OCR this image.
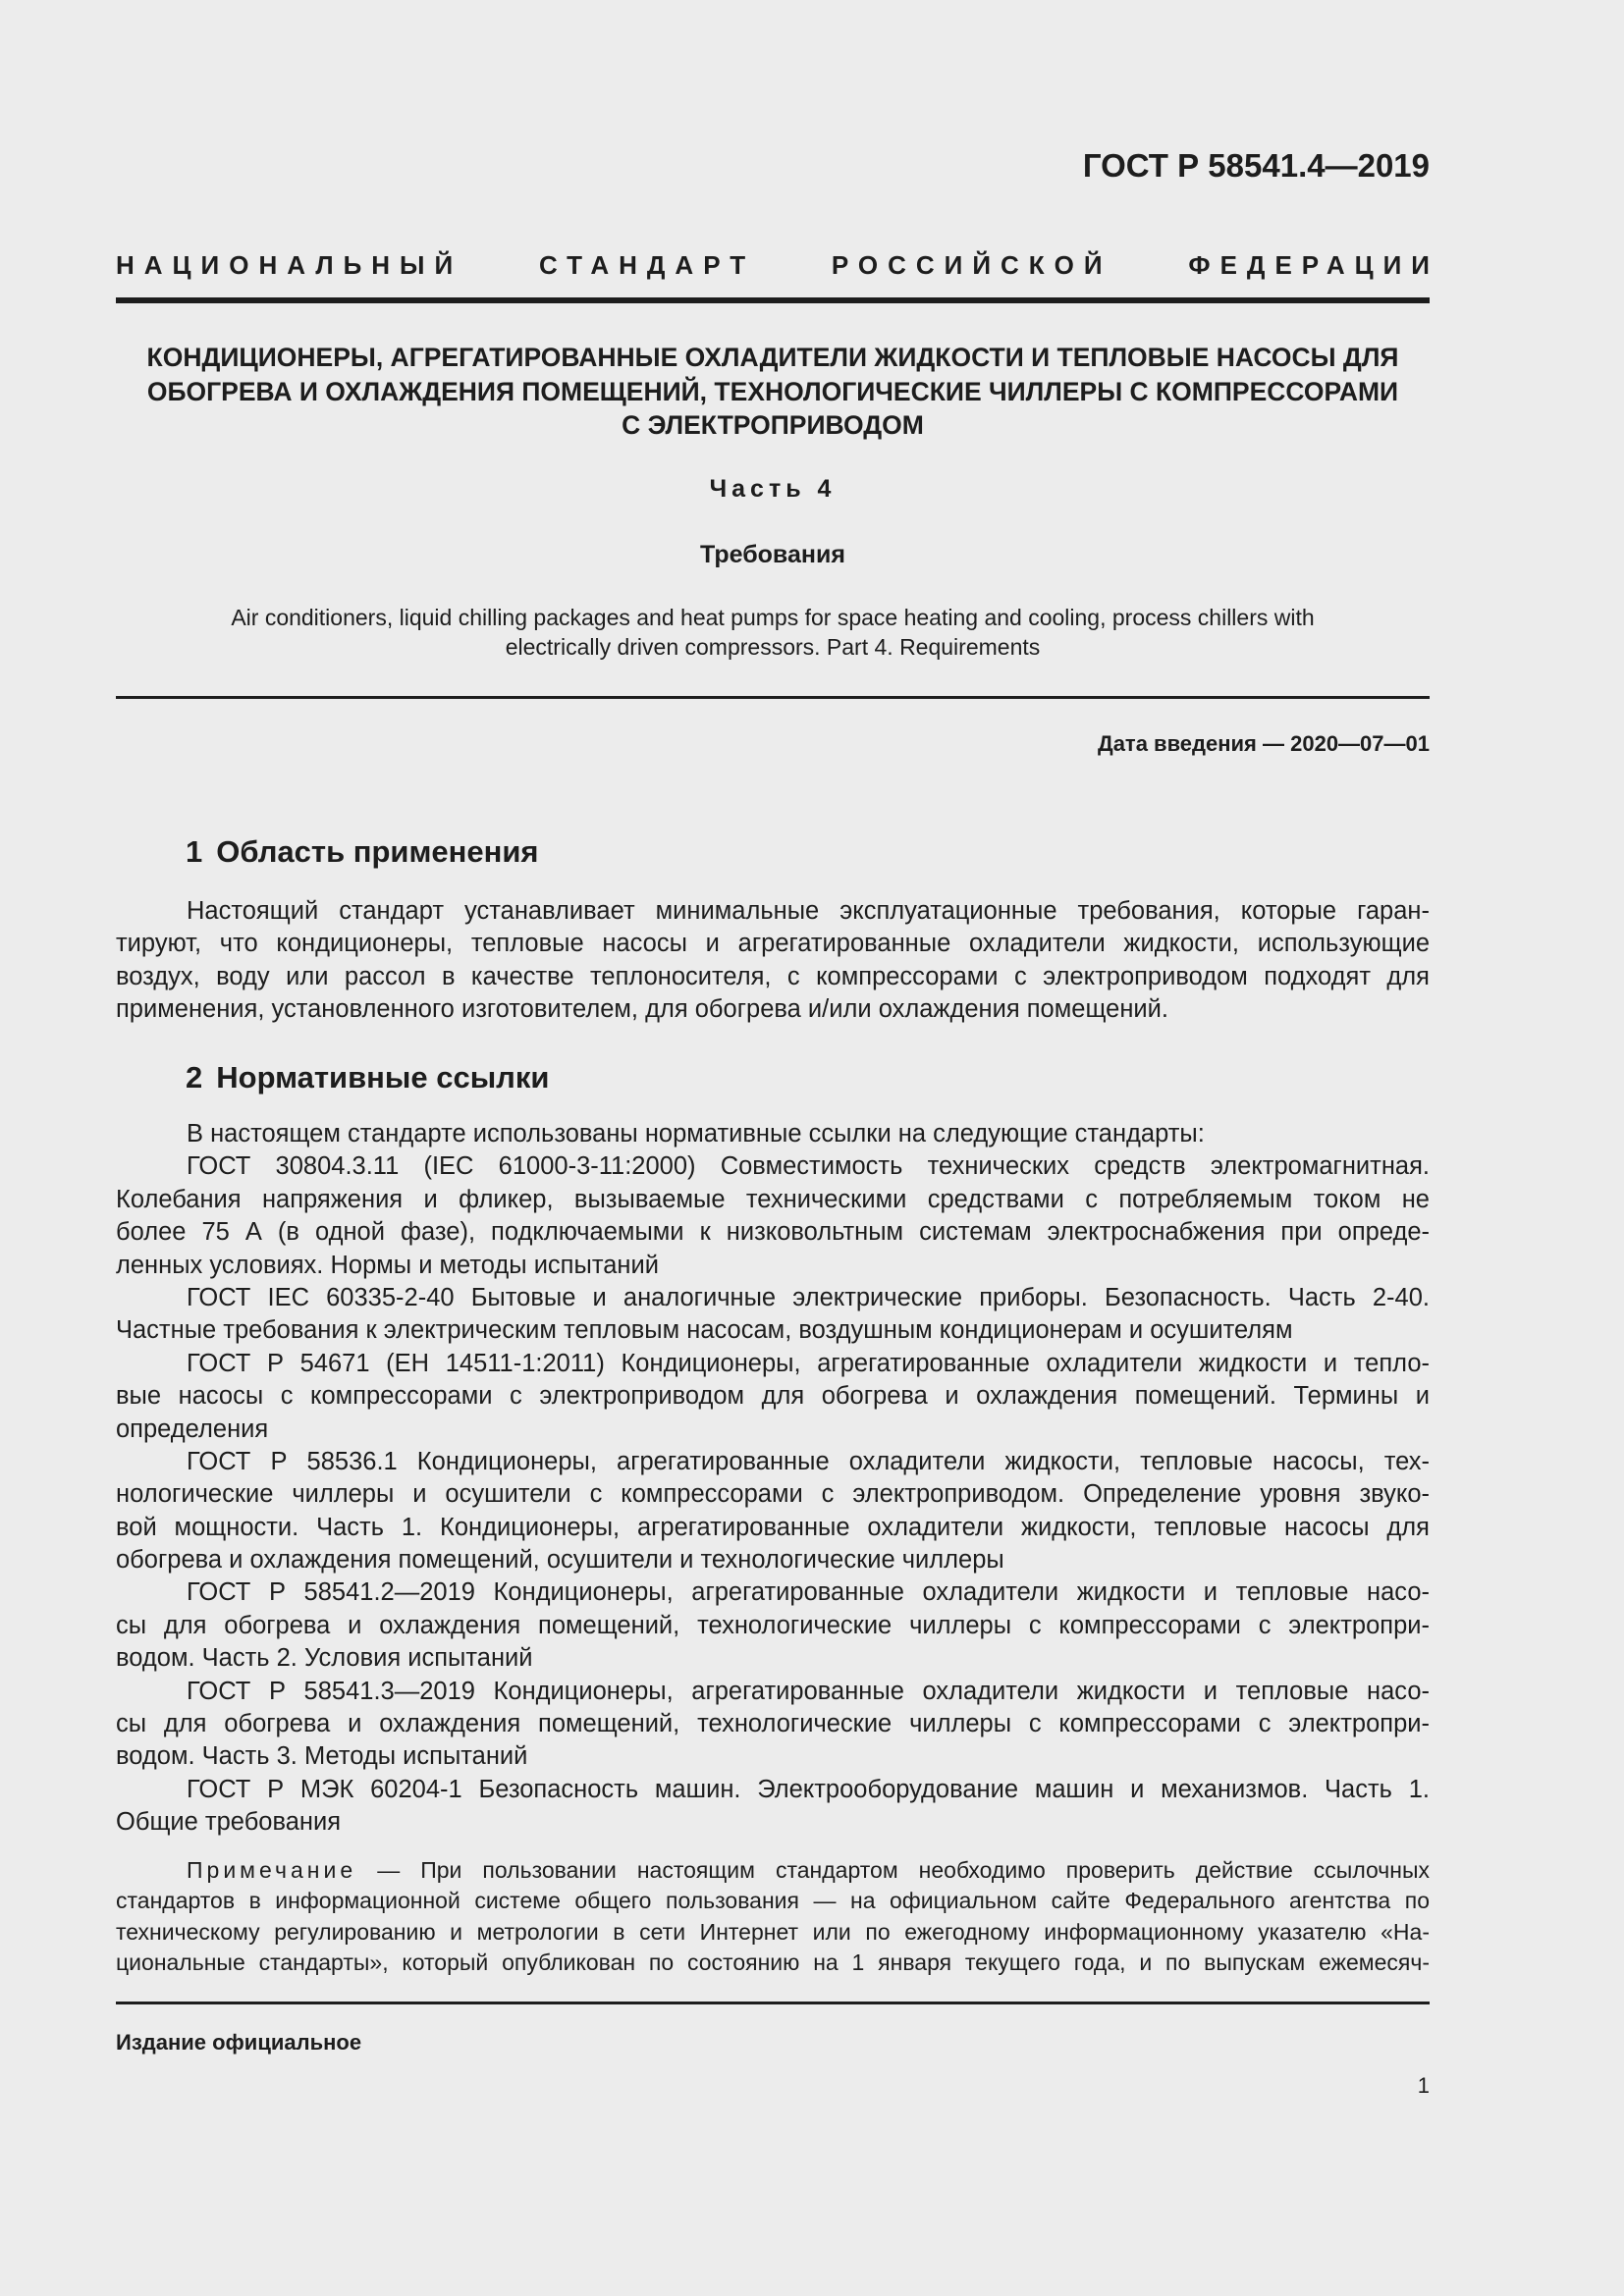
ГОСТ Р 58541.4—2019
НАЦИОНАЛЬНЫЙ СТАНДАРТ РОССИЙСКОЙ ФЕДЕРАЦИИ
КОНДИЦИОНЕРЫ, АГРЕГАТИРОВАННЫЕ ОХЛАДИТЕЛИ ЖИДКОСТИ И ТЕПЛОВЫЕ НАСОСЫ ДЛЯ
ОБОГРЕВА И ОХЛАЖДЕНИЯ ПОМЕЩЕНИЙ, ТЕХНОЛОГИЧЕСКИЕ ЧИЛЛЕРЫ С КОМПРЕССОРАМИ
С ЭЛЕКТРОПРИВОДОМ
Часть 4
Требования
Air conditioners, liquid chilling packages and heat pumps for space heating and cooling, process chillers with
electrically driven compressors. Part 4. Requirements
Дата введения — 2020—07—01
1 Область применения
Настоящий стандарт устанавливает минимальные эксплуатационные требования, которые гаран-
тируют, что кондиционеры, тепловые насосы и агрегатированные охладители жидкости, использующие
воздух, воду или рассол в качестве теплоносителя, с компрессорами с электроприводом подходят для
применения, установленного изготовителем, для обогрева и/или охлаждения помещений.
2 Нормативные ссылки
В настоящем стандарте использованы нормативные ссылки на следующие стандарты:
ГОСТ 30804.3.11 (IEC 61000-3-11:2000) Совместимость технических средств электромагнитная.
Колебания напряжения и фликер, вызываемые техническими средствами с потребляемым током не
более 75 А (в одной фазе), подключаемыми к низковольтным системам электроснабжения при опреде-
ленных условиях. Нормы и методы испытаний
ГОСТ IEC 60335-2-40 Бытовые и аналогичные электрические приборы. Безопасность. Часть 2-40.
Частные требования к электрическим тепловым насосам, воздушным кондиционерам и осушителям
ГОСТ Р 54671 (ЕН 14511-1:2011) Кондиционеры, агрегатированные охладители жидкости и тепло-
вые насосы с компрессорами с электроприводом для обогрева и охлаждения помещений. Термины и
определения
ГОСТ Р 58536.1 Кондиционеры, агрегатированные охладители жидкости, тепловые насосы, тех-
нологические чиллеры и осушители с компрессорами с электроприводом. Определение уровня звуко-
вой мощности. Часть 1. Кондиционеры, агрегатированные охладители жидкости, тепловые насосы для
обогрева и охлаждения помещений, осушители и технологические чиллеры
ГОСТ Р 58541.2—2019 Кондиционеры, агрегатированные охладители жидкости и тепловые насо-
сы для обогрева и охлаждения помещений, технологические чиллеры с компрессорами с электропри-
водом. Часть 2. Условия испытаний
ГОСТ Р 58541.3—2019 Кондиционеры, агрегатированные охладители жидкости и тепловые насо-
сы для обогрева и охлаждения помещений, технологические чиллеры с компрессорами с электропри-
водом. Часть 3. Методы испытаний
ГОСТ Р МЭК 60204-1 Безопасность машин. Электрооборудование машин и механизмов. Часть 1.
Общие требования
Примечание — При пользовании настоящим стандартом необходимо проверить действие ссылочных
стандартов в информационной системе общего пользования — на официальном сайте Федерального агентства по
техническому регулированию и метрологии в сети Интернет или по ежегодному информационному указателю «На-
циональные стандарты», который опубликован по состоянию на 1 января текущего года, и по выпускам ежемесяч-
Издание официальное
1
